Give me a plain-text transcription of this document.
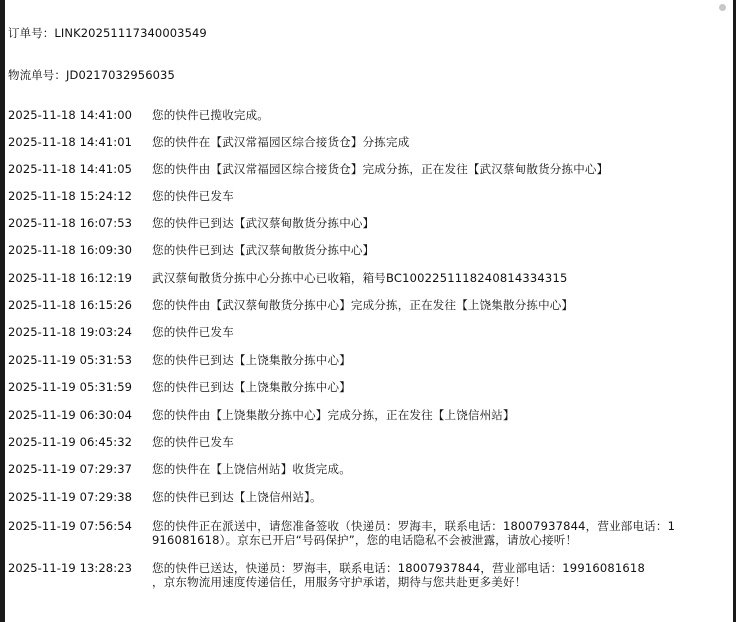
订单号：LINK20251117340003549
物流单号：JD0217032956035
2025-11-18 14:41:00 您的快件已揽收完成。
2025-11-18 14:41:01 您的快件在【武汉常福园区综合接货仓】分拣完成
2025-11-18 14:41:05 您的快件由【武汉常福园区综合接货仓】完成分拣，正在发往【武汉蔡甸散货分拣中心】
2025-11-18 15:24:12 您的快件已发车
2025-11-18 16:07:53 您的快件已到达【武汉蔡甸散货分拣中心】
2025-11-18 16:09:30 您的快件已到达【武汉蔡甸散货分拣中心】
2025-11-18 16:12:19 武汉蔡甸散货分拣中心分拣中心已收箱，箱号BC1002251118240814334315
2025-11-18 16:15:26 您的快件由【武汉蔡甸散货分拣中心】完成分拣，正在发往【上饶集散分拣中心】
2025-11-18 19:03:24 您的快件已发车
2025-11-19 05:31:53 您的快件已到达【上饶集散分拣中心】
2025-11-19 05:31:59 您的快件已到达【上饶集散分拣中心】
2025-11-19 06:30:04 您的快件由【上饶集散分拣中心】完成分拣，正在发往【上饶信州站】
2025-11-19 06:45:32 您的快件已发车
2025-11-19 07:29:37 您的快件在【上饶信州站】收货完成。
2025-11-19 07:29:38 您的快件已到达【上饶信州站】。
2025-11-19 07:56:54 您的快件正在派送中，请您准备签收（快递员：罗海丰，联系电话：18007937844，营业部电话：1
916081618）。京东已开启“号码保护”，您的电话隐私不会被泄露，请放心接听！
2025-11-19 13:28:23 您的快件已送达，快递员：罗海丰，联系电话：18007937844，营业部电话：19916081618
，京东物流用速度传递信任，用服务守护承诺，期待与您共赴更多美好！
